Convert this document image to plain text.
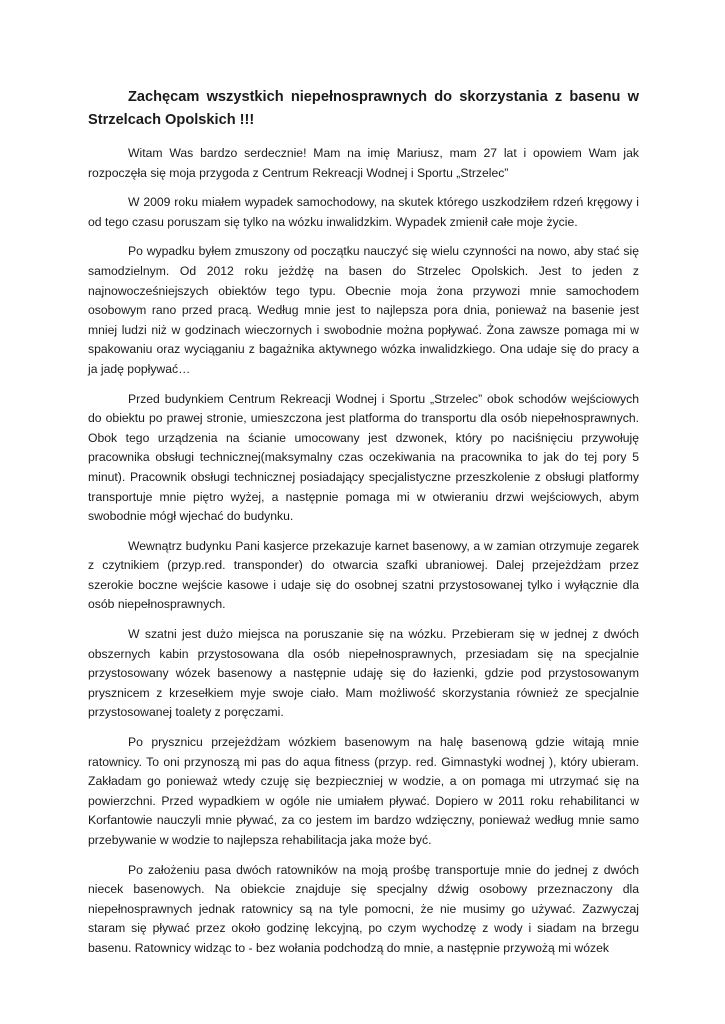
Zachęcam wszystkich niepełnosprawnych do skorzystania z basenu w Strzelcach Opolskich !!!

Witam Was bardzo serdecznie! Mam na imię Mariusz, mam 27 lat i opowiem Wam jak rozpoczęła się moja przygoda z Centrum Rekreacji Wodnej i Sportu „Strzelec”

W 2009 roku miałem wypadek samochodowy, na skutek którego uszkodziłem rdzeń kręgowy i od tego czasu poruszam się tylko na wózku inwalidzkim. Wypadek zmienił całe moje życie.

Po wypadku byłem zmuszony od początku nauczyć się wielu czynności na nowo, aby stać się samodzielnym. Od 2012 roku jeżdżę na basen do Strzelec Opolskich. Jest to jeden z najnowocześniejszych obiektów tego typu. Obecnie moja żona przywozi mnie samochodem osobowym rano przed pracą. Według mnie jest to najlepsza pora dnia, ponieważ na basenie jest mniej ludzi niż w godzinach wieczornych i swobodnie można popływać. Żona zawsze pomaga mi w spakowaniu oraz wyciąganiu z bagażnika aktywnego wózka inwalidzkiego. Ona udaje się do pracy a ja jadę popływać…

Przed budynkiem Centrum Rekreacji Wodnej i Sportu „Strzelec” obok schodów wejściowych do obiektu po prawej stronie, umieszczona jest platforma do transportu dla osób niepełnosprawnych. Obok tego urządzenia na ścianie umocowany jest dzwonek, który po naciśnięciu przywołuję pracownika obsługi technicznej(maksymalny czas oczekiwania na pracownika to jak do tej pory 5 minut). Pracownik obsługi technicznej posiadający specjalistyczne przeszkolenie z obsługi platformy transportuje mnie piętro wyżej, a następnie pomaga mi w otwieraniu drzwi wejściowych, abym swobodnie mógł wjechać do budynku.

Wewnątrz budynku Pani kasjerce przekazuje karnet basenowy, a w zamian otrzymuje zegarek z czytnikiem (przyp.red. transponder) do otwarcia szafki ubraniowej. Dalej przejeżdżam przez szerokie boczne wejście kasowe i udaje się do osobnej szatni przystosowanej tylko i wyłącznie dla osób niepełnosprawnych.

W szatni jest dużo miejsca na poruszanie się na wózku. Przebieram się w jednej z dwóch obszernych kabin przystosowana dla osób niepełnosprawnych, przesiadam się na specjalnie przystosowany wózek basenowy a następnie udaję się do łazienki, gdzie pod przystosowanym prysznicem z krzesełkiem myje swoje ciało. Mam możliwość skorzystania również ze specjalnie przystosowanej toalety z poręczami.

Po prysznicu przejeżdżam wózkiem basenowym na halę basenową gdzie witają mnie ratownicy. To oni przynoszą mi pas do aqua fitness (przyp. red. Gimnastyki wodnej ), który ubieram. Zakładam go ponieważ wtedy czuję się bezpieczniej w wodzie, a on pomaga mi utrzymać się na powierzchni. Przed wypadkiem w ogóle nie umiałem pływać. Dopiero w 2011 roku rehabilitanci w Korfantowie nauczyli mnie pływać, za co jestem im bardzo wdzięczny, ponieważ według mnie samo przebywanie w wodzie to najlepsza rehabilitacja jaka może być.

Po założeniu pasa dwóch ratowników na moją prośbę transportuje mnie do jednej z dwóch niecek basenowych. Na obiekcie znajduje się specjalny dźwig osobowy przeznaczony dla niepełnosprawnych jednak ratownicy są na tyle pomocni, że nie musimy go używać. Zazwyczaj staram się pływać przez około godzinę lekcyjną, po czym wychodzę z wody i siadam na brzegu basenu. Ratownicy widząc to - bez wołania podchodzą do mnie, a następnie przywożą mi wózek
